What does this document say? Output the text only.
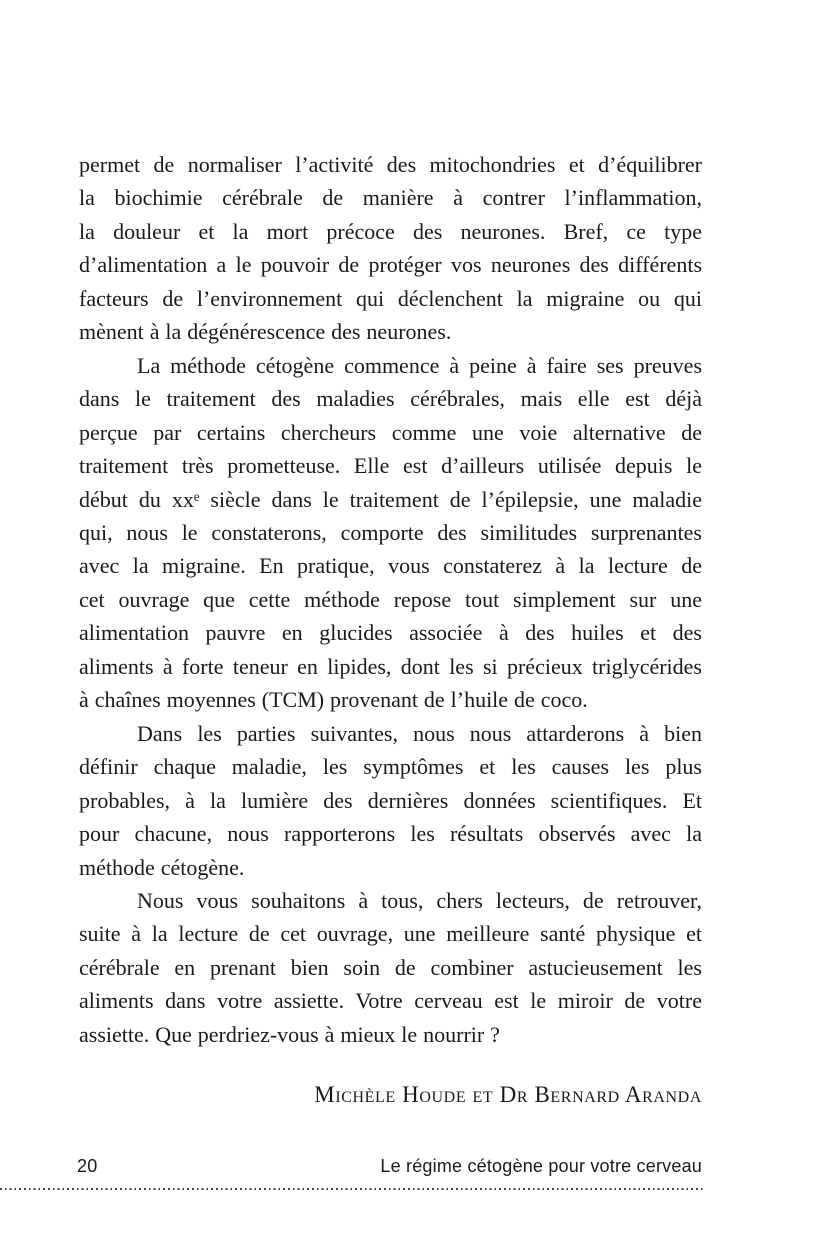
permet de normaliser l’activité des mitochondries et d’équilibrer
la biochimie cérébrale de manière à contrer l’inflammation,
la douleur et la mort précoce des neurones. Bref, ce type
d’alimentation a le pouvoir de protéger vos neurones des différents
facteurs de l’environnement qui déclenchent la migraine ou qui
mènent à la dégénérescence des neurones.
La méthode cétogène commence à peine à faire ses preuves
dans le traitement des maladies cérébrales, mais elle est déjà
perçue par certains chercheurs comme une voie alternative de
traitement très prometteuse. Elle est d’ailleurs utilisée depuis le
début du xxᵉ siècle dans le traitement de l’épilepsie, une maladie
qui, nous le constaterons, comporte des similitudes surprenantes
avec la migraine. En pratique, vous constaterez à la lecture de
cet ouvrage que cette méthode repose tout simplement sur une
alimentation pauvre en glucides associée à des huiles et des
aliments à forte teneur en lipides, dont les si précieux triglycérides
à chaînes moyennes (TCM) provenant de l’huile de coco.
Dans les parties suivantes, nous nous attarderons à bien
définir chaque maladie, les symptômes et les causes les plus
probables, à la lumière des dernières données scientifiques. Et
pour chacune, nous rapporterons les résultats observés avec la
méthode cétogène.
Nous vous souhaitons à tous, chers lecteurs, de retrouver,
suite à la lecture de cet ouvrage, une meilleure santé physique et
cérébrale en prenant bien soin de combiner astucieusement les
aliments dans votre assiette. Votre cerveau est le miroir de votre
assiette. Que perdriez-vous à mieux le nourrir ?
Michèle Houde et Dr Bernard Aranda
20	Le régime cétogène pour votre cerveau
